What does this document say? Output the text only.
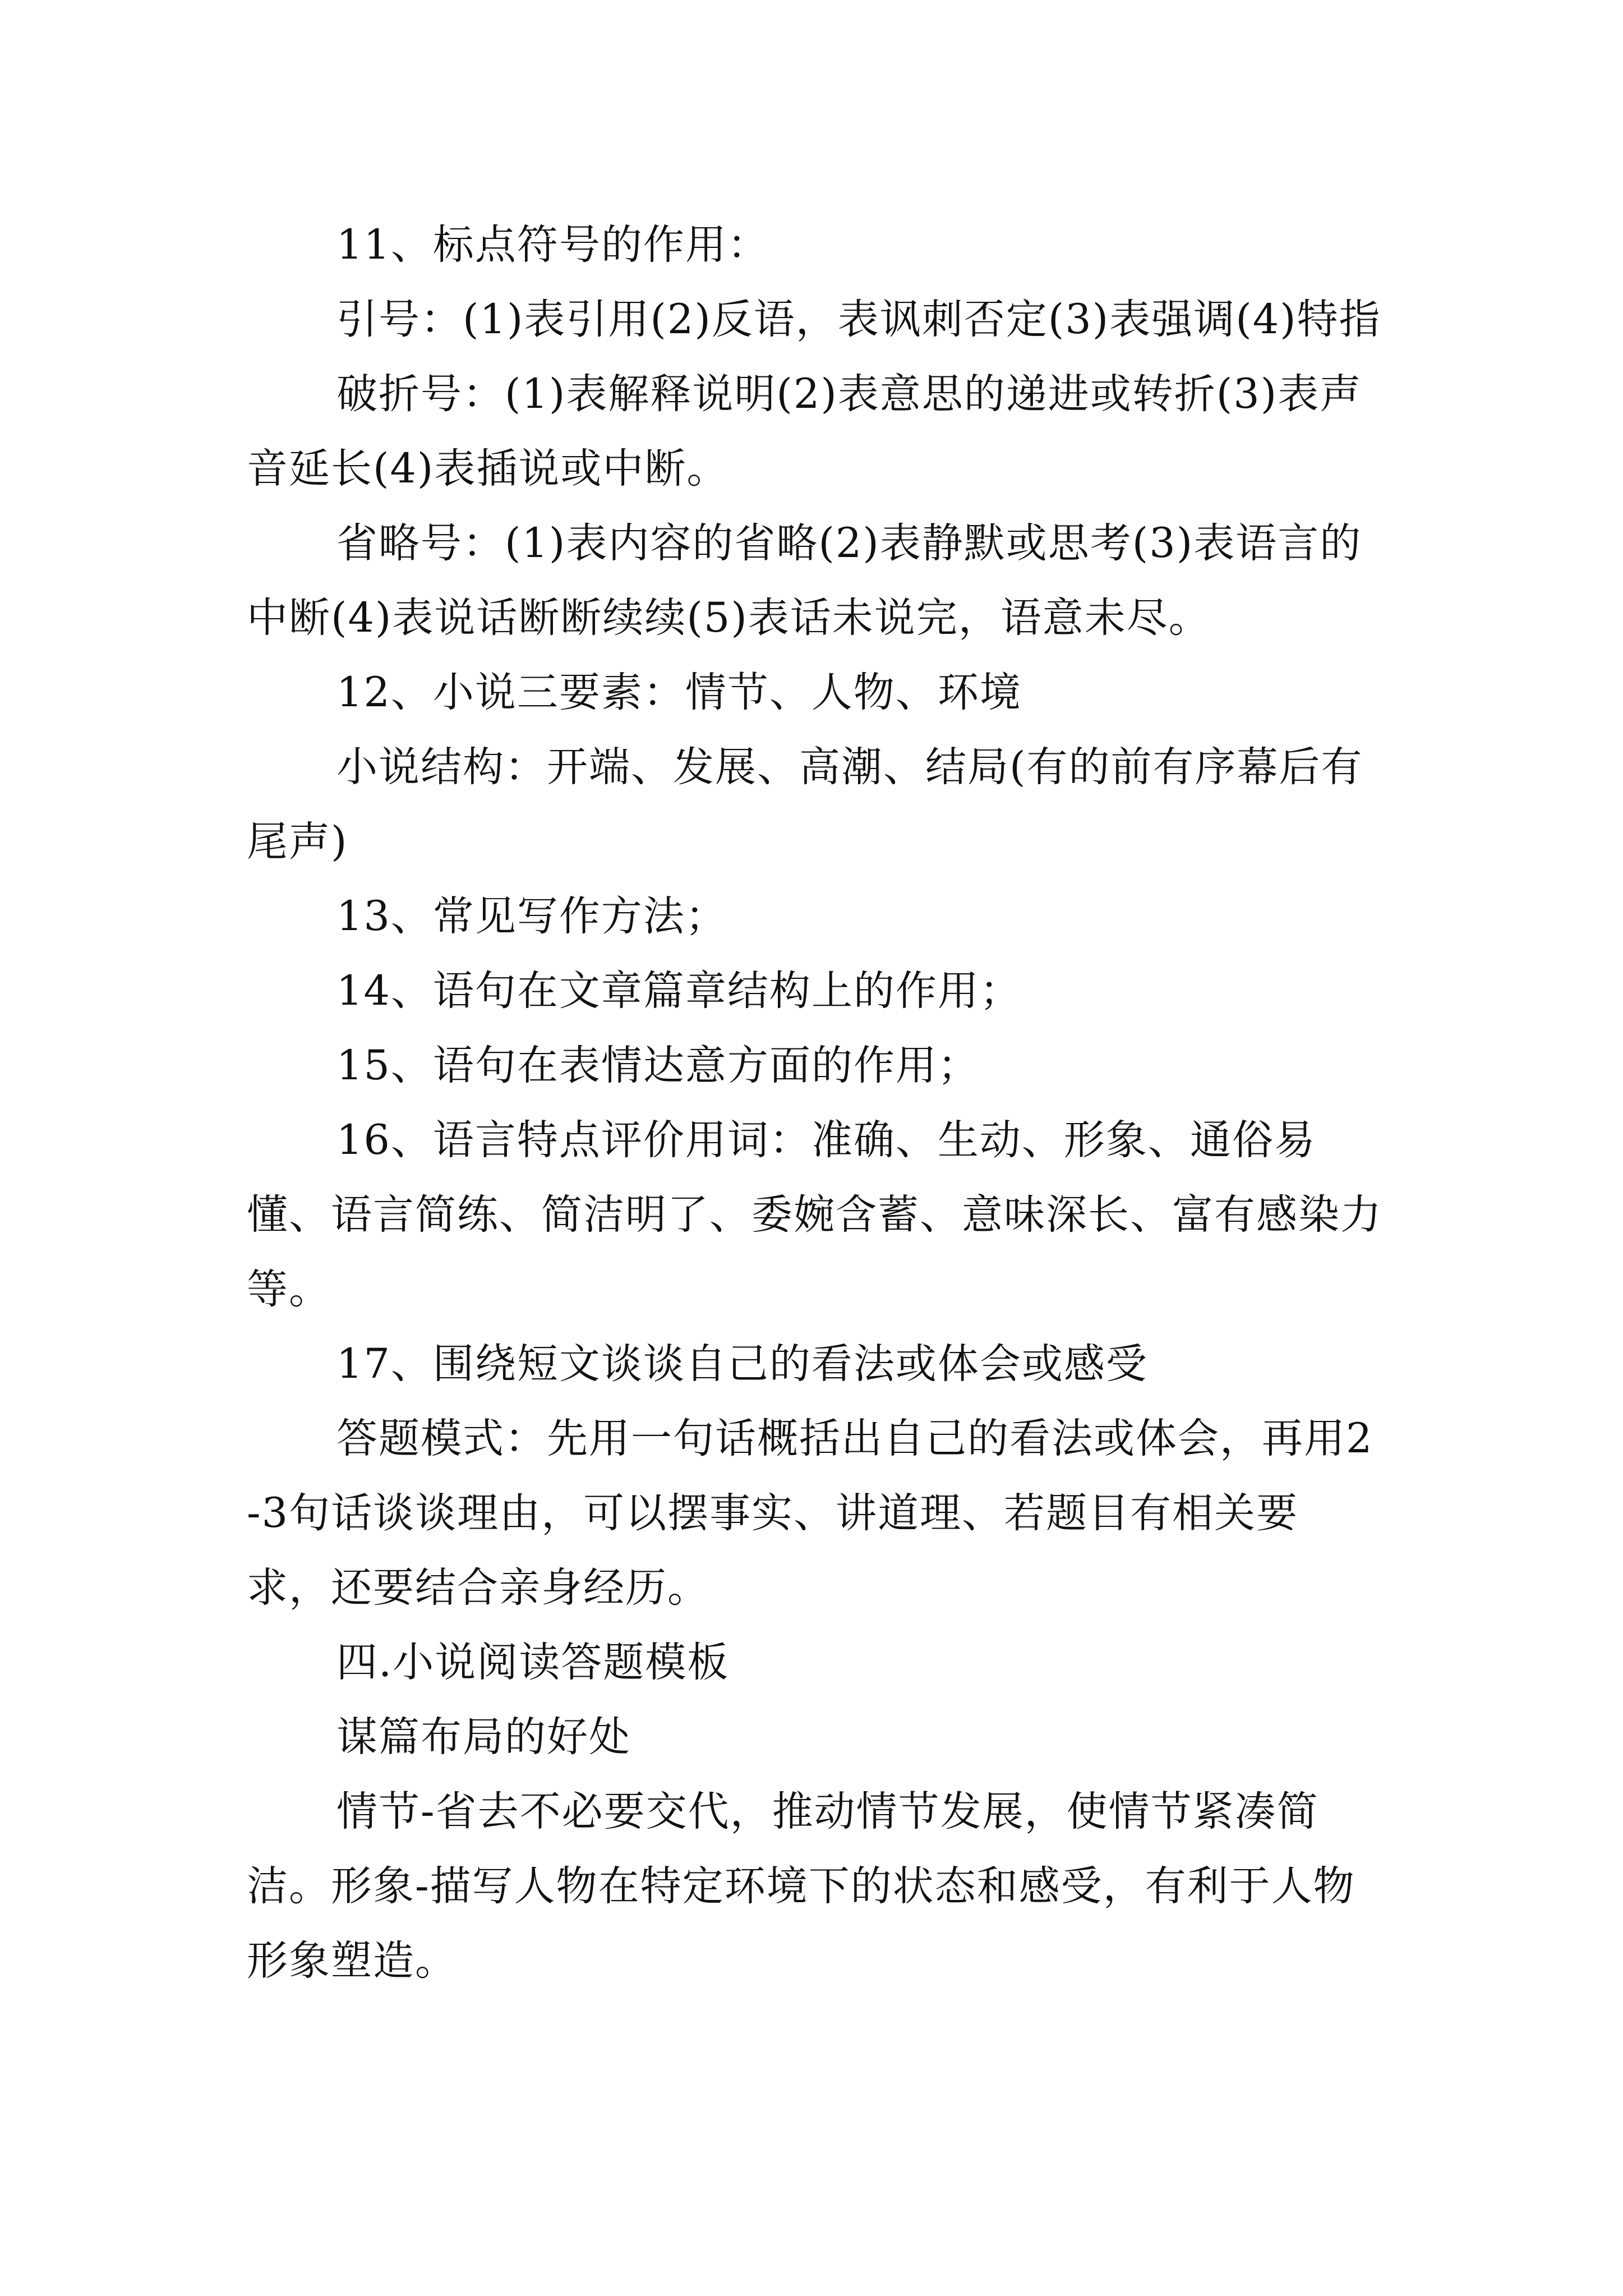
11、标点符号的作用：

引号：(1)表引用(2)反语，表讽刺否定(3)表强调(4)特指

破折号：(1)表解释说明(2)表意思的递进或转折(3)表声音延长(4)表插说或中断。

省略号：(1)表内容的省略(2)表静默或思考(3)表语言的中断(4)表说话断断续续(5)表话未说完，语意未尽。

12、小说三要素：情节、人物、环境

小说结构：开端、发展、高潮、结局(有的前有序幕后有尾声)

13、常见写作方法；

14、语句在文章篇章结构上的作用；

15、语句在表情达意方面的作用；

16、语言特点评价用词：准确、生动、形象、通俗易懂、语言简练、简洁明了、委婉含蓄、意味深长、富有感染力等。

17、围绕短文谈谈自己的看法或体会或感受

答题模式：先用一句话概括出自己的看法或体会，再用2-3句话谈谈理由，可以摆事实、讲道理、若题目有相关要求，还要结合亲身经历。

四.小说阅读答题模板

谋篇布局的好处

情节-省去不必要交代，推动情节发展，使情节紧凑简洁。形象-描写人物在特定环境下的状态和感受，有利于人物形象塑造。
